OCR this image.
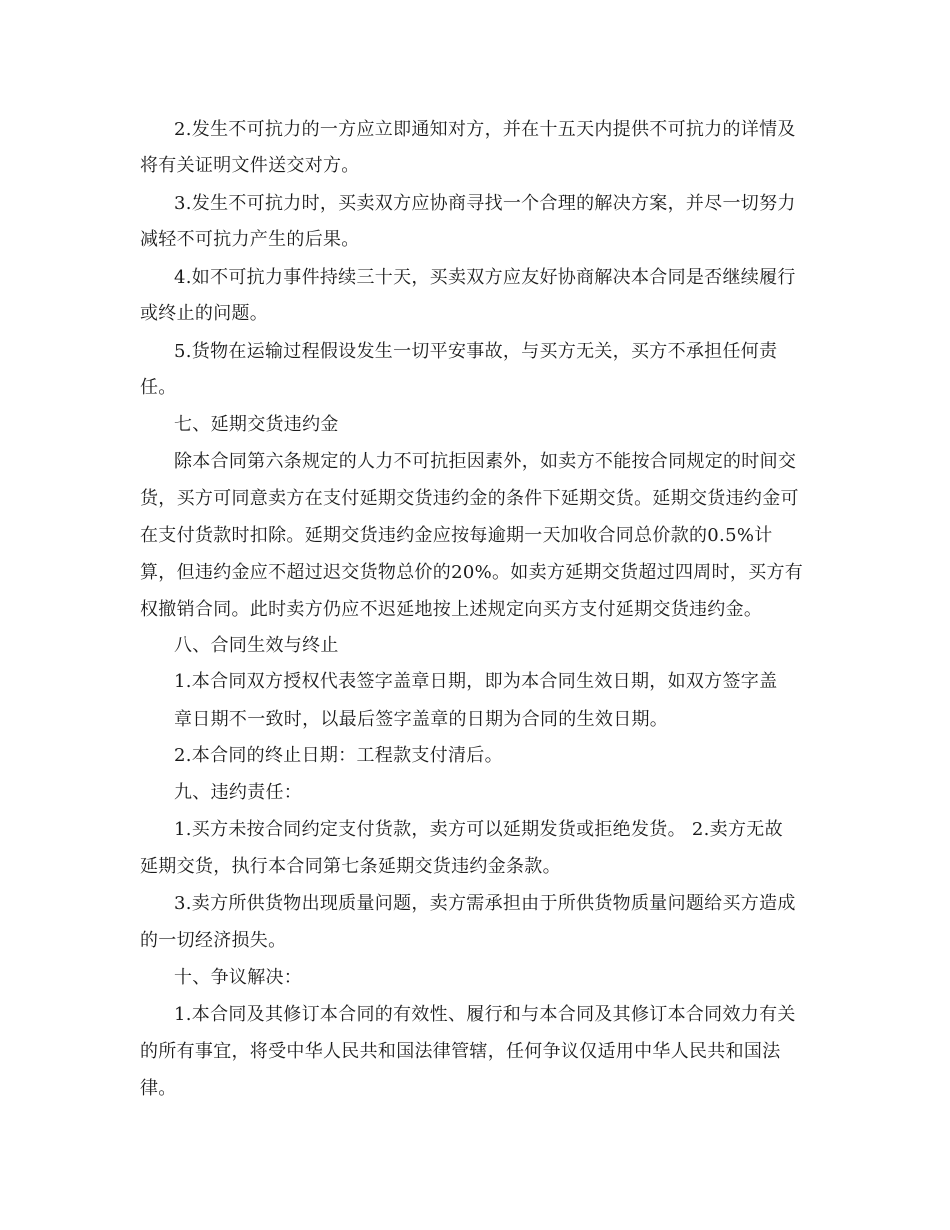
2.发生不可抗力的一方应立即通知对方，并在十五天内提供不可抗力的详情及
将有关证明文件送交对方。
3.发生不可抗力时，买卖双方应协商寻找一个合理的解决方案，并尽一切努力
减轻不可抗力产生的后果。
4.如不可抗力事件持续三十天，买卖双方应友好协商解决本合同是否继续履行
或终止的问题。
5.货物在运输过程假设发生一切平安事故，与买方无关，买方不承担任何责
任。
七、延期交货违约金
除本合同第六条规定的人力不可抗拒因素外，如卖方不能按合同规定的时间交
货，买方可同意卖方在支付延期交货违约金的条件下延期交货。延期交货违约金可
在支付货款时扣除。延期交货违约金应按每逾期一天加收合同总价款的0.5%计
算，但违约金应不超过迟交货物总价的20%。如卖方延期交货超过四周时，买方有
权撤销合同。此时卖方仍应不迟延地按上述规定向买方支付延期交货违约金。
八、合同生效与终止
1.本合同双方授权代表签字盖章日期，即为本合同生效日期，如双方签字盖
章日期不一致时，以最后签字盖章的日期为合同的生效日期。
2.本合同的终止日期：工程款支付清后。
九、违约责任：
1.买方未按合同约定支付货款，卖方可以延期发货或拒绝发货。 2.卖方无故
延期交货，执行本合同第七条延期交货违约金条款。
3.卖方所供货物出现质量问题，卖方需承担由于所供货物质量问题给买方造成
的一切经济损失。
十、争议解决：
1.本合同及其修订本合同的有效性、履行和与本合同及其修订本合同效力有关
的所有事宜，将受中华人民共和国法律管辖，任何争议仅适用中华人民共和国法
律。
